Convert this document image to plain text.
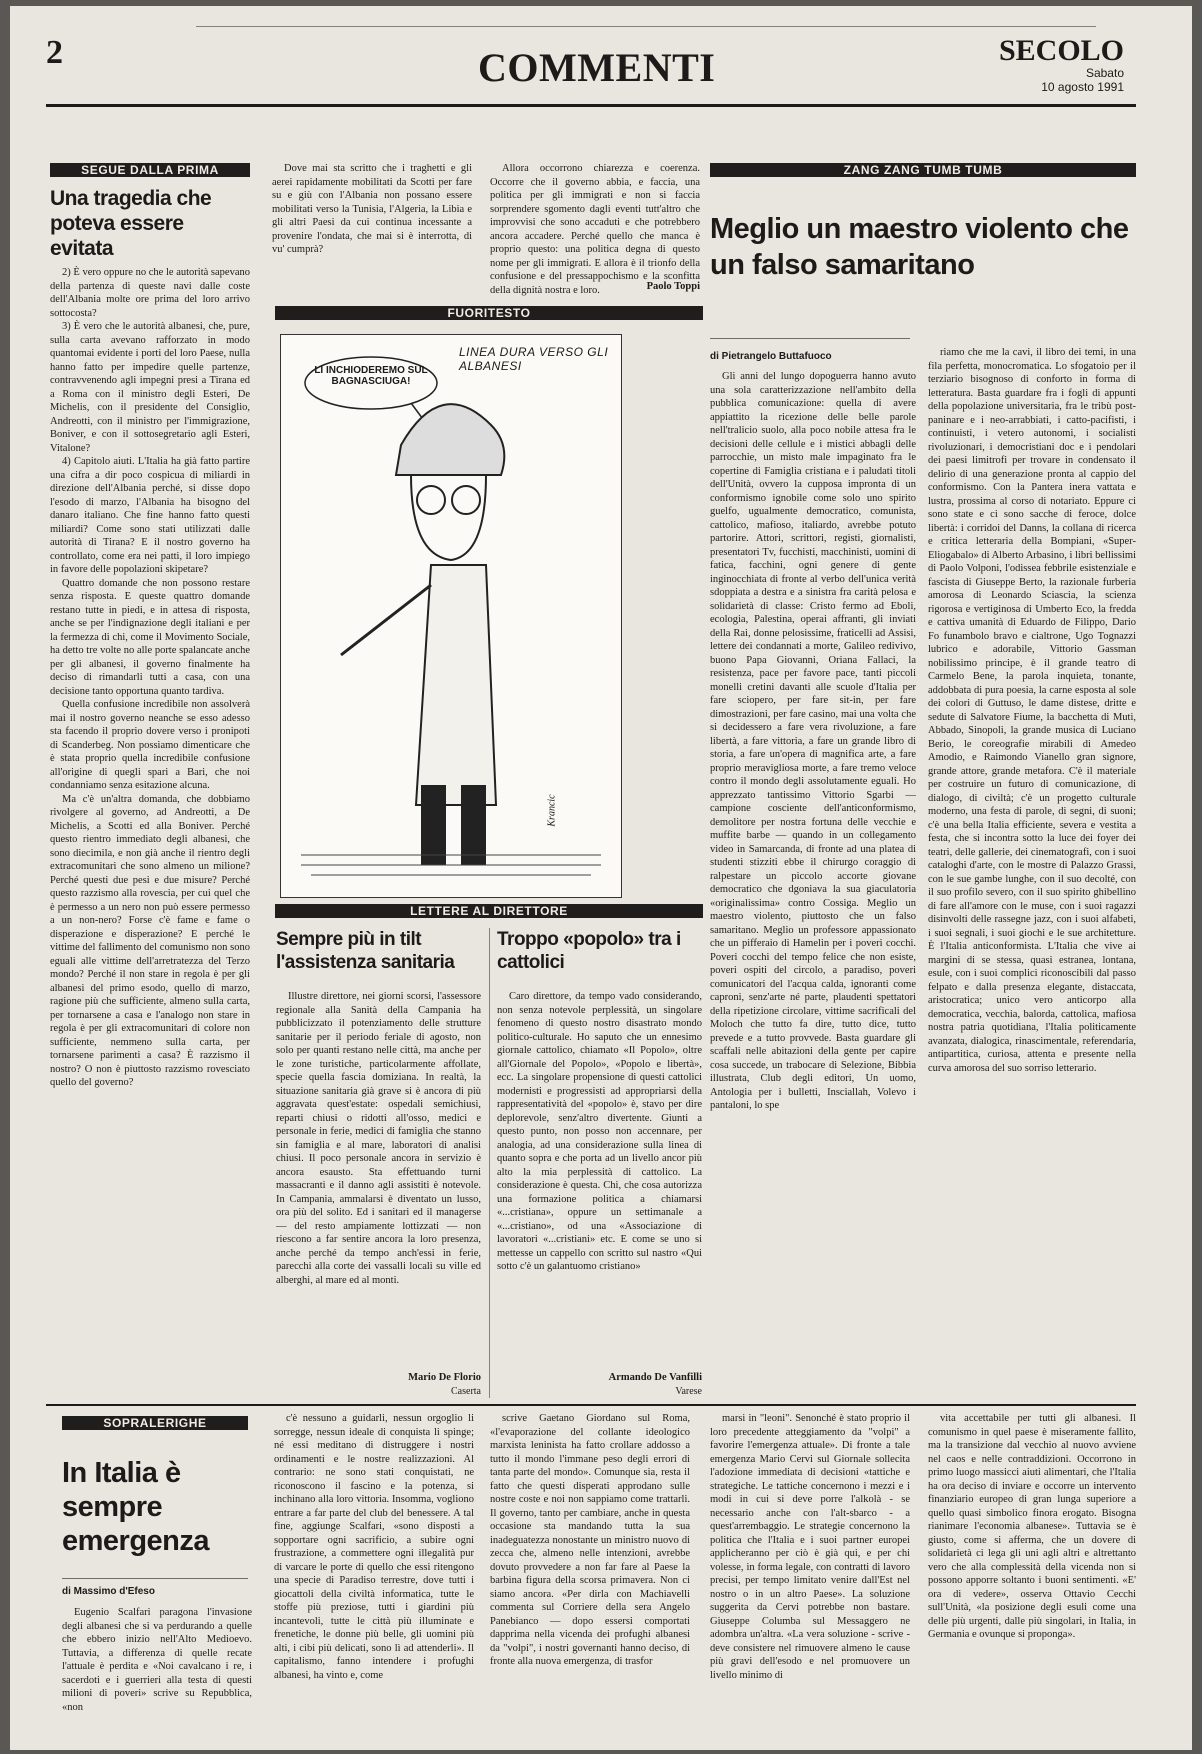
2	COMMENTI	SECOLO
Sabato
10 agosto 1991
SEGUE DALLA PRIMA
Una tragedia che poteva essere evitata

2) È vero oppure no che le autorità sapevano della partenza di queste navi dalle coste dell'Albania molte ore prima del loro arrivo sottocosta?

3) È vero che le autorità albanesi, che, pure, sulla carta avevano rafforzato in modo quantomai evidente i porti del loro Paese, nulla hanno fatto per impedire quelle partenze, contravvenendo agli impegni presi a Tirana ed a Roma con il ministro degli Esteri, De Michelis, con il presidente del Consiglio, Andreotti, con il ministro per l'immigrazione, Boniver, e con il sottosegretario agli Esteri, Vitalone?

4) Capitolo aiuti. L'Italia ha già fatto partire una cifra a dir poco cospicua di miliardi in direzione dell'Albania perché, si disse dopo l'esodo di marzo, l'Albania ha bisogno del danaro italiano. Che fine hanno fatto questi miliardi? Come sono stati utilizzati dalle autorità di Tirana? E il nostro governo ha controllato, come era nei patti, il loro impiego in favore delle popolazioni skipetare?

Quattro domande che non possono restare senza risposta. E queste quattro domande restano tutte in piedi, e in attesa di risposta, anche se per l'indignazione degli italiani e per la fermezza di chi, come il Movimento Sociale, ha detto tre volte no alle porte spalancate anche per gli albanesi, il governo finalmente ha deciso di rimandarli tutti a casa, con una decisione tanto opportuna quanto tardiva.

Quella confusione incredibile non assolverà mai il nostro governo neanche se esso adesso sta facendo il proprio dovere verso i pronipoti di Scanderbeg. Non possiamo dimenticare che è stata proprio quella incredibile confusione all'origine di quegli spari a Bari, che noi condanniamo senza esitazione alcuna.

Ma c'è un'altra domanda, che dobbiamo rivolgere al governo, ad Andreotti, a De Michelis, a Scotti ed alla Boniver. Perché questo rientro immediato degli albanesi, che sono diecimila, e non già anche il rientro degli extracomunitari che sono almeno un milione? Perché questi due pesi e due misure? Perché questo razzismo alla rovescia, per cui quel che è permesso a un nero non può essere permesso a un non-nero? Forse c'è fame e fame o disperazione e disperazione? E perché le vittime del fallimento del comunismo non sono eguali alle vittime dell'arretratezza del Terzo mondo? Perché il non stare in regola è per gli albanesi del primo esodo, quello di marzo, ragione più che sufficiente, almeno sulla carta, per tornarsene a casa e l'analogo non stare in regola è per gli extracomunitari di colore non sufficiente, nemmeno sulla carta, per tornarsene parimenti a casa? È razzismo il nostro? O non è piuttosto razzismo rovesciato quello del governo?

Dove mai sta scritto che i traghetti e gli aerei rapidamente mobilitati da Scotti per fare su e giù con l'Albania non possano essere mobilitati verso la Tunisia, l'Algeria, la Libia e gli altri Paesi da cui continua incessante a provenire l'ondata, che mai si è interrotta, di vu' cumprà?

Allora occorrono chiarezza e coerenza. Occorre che il governo abbia, e faccia, una politica per gli immigrati e non si faccia sorprendere sgomento dagli eventi tutt'altro che improvvisi che sono accaduti e che potrebbero ancora accadere. Perché quello che manca è proprio questo: una politica degna di questo nome per gli immigrati. E allora è il trionfo della confusione e del pressappochismo e la sconfitta della dignità nostra e loro.	Paolo Toppi
FUORITESTO
LINEA DURA VERSO GLI ALBANESI
LI INCHIODEREMO SUL BAGNASCIUGA!
Krancic
LETTERE AL DIRETTORE
Sempre più in tilt l'assistenza sanitaria

Illustre direttore, nei giorni scorsi, l'assessore regionale alla Sanità della Campania ha pubblicizzato il potenziamento delle strutture sanitarie per il periodo feriale di agosto, non solo per quanti restano nelle città, ma anche per le zone turistiche, particolarmente affollate, specie quella fascia domiziana. In realtà, la situazione sanitaria già grave si è ancora di più aggravata quest'estate: ospedali semichiusi, reparti chiusi o ridotti all'osso, medici e personale in ferie, medici di famiglia che stanno sin famiglia e al mare, laboratori di analisi chiusi. Il poco personale ancora in servizio è ancora esausto. Sta effettuando turni massacranti e il danno agli assistiti è notevole. In Campania, ammalarsi è diventato un lusso, ora più del solito. Ed i sanitari ed il managerse — del resto ampiamente lottizzati — non riescono a far sentire ancora la loro presenza, anche perché da tempo anch'essi in ferie, parecchi alla corte dei vassalli locali su ville ed alberghi, al mare ed al monti.

Mario De Florio
Caserta
Troppo «popolo» tra i cattolici

Caro direttore, da tempo vado considerando, non senza notevole perplessità, un singolare fenomeno di questo nostro disastrato mondo politico-culturale. Ho saputo che un ennesimo giornale cattolico, chiamato «Il Popolo», oltre all'Giornale del Popolo», «Popolo e libertà», ecc. La singolare propensione di questi cattolici modernisti e progressisti ad appropriarsi della rappresentatività del «popolo» è, stavo per dire deplorevole, senz'altro divertente. Giunti a questo punto, non posso non accennare, per analogia, ad una considerazione sulla linea di quanto sopra e che porta ad un livello ancor più alto la mia perplessità di cattolico. La considerazione è questa. Chi, che cosa autorizza una formazione politica a chiamarsi «...cristiana», oppure un settimanale a «...cristiano», od una «Associazione di lavoratori «...cristiani» etc. E come se uno si mettesse un cappello con scritto sul nastro «Qui sotto c'è un galantuomo cristiano»

Armando De Vanfilli
Varese
ZANG ZANG TUMB TUMB
Meglio un maestro violento che un falso samaritano
di Pietrangelo Buttafuoco

Gli anni del lungo dopoguerra hanno avuto una sola caratterizzazione nell'ambito della pubblica comunicazione: quella di avere appiattito la ricezione delle belle parole nell'tralicio suolo, alla poco nobile attesa fra le decisioni delle cellule e i mistici abbagli delle parrocchie, un misto male impaginato fra le copertine di Famiglia cristiana e i paludati titoli dell'Unità, ovvero la cupposa impronta di un conformismo ignobile come solo uno spirito guelfo, ugualmente democratico, comunista, cattolico, mafioso, italiardo, avrebbe potuto partorire. Attori, scrittori, registi, giornalisti, presentatori Tv, fucchisti, macchinisti, uomini di fatica, facchini, ogni genere di gente inginocchiata di fronte al verbo dell'unica verità sdoppiata a destra e a sinistra fra carità pelosa e solidarietà di classe: Cristo fermo ad Eboli, ecologia, Palestina, operai affranti, gli inviati della Rai, donne pelosissime, fraticelli ad Assisi, lettere dei condannati a morte, Galileo redivivo, buono Papa Giovanni, Oriana Fallaci, la resistenza, pace per favore pace, tanti piccoli monelli cretini davanti alle scuole d'Italia per fare sciopero, per fare sit-in, per fare dimostrazioni, per fare casino, mai una volta che si decidessero a fare vera rivoluzione, a fare libertà, a fare vittoria, a fare un grande libro di storia, a fare un'opera di magnifica arte, a fare proprio meravigliosa morte, a fare tremo veloce contro il mondo degli assolutamente eguali. Ho apprezzato tantissimo Vittorio Sgarbi — campione cosciente dell'anticonformismo, demolitore per nostra fortuna delle vecchie e muffite barbe — quando in un collegamento video in Samarcanda, di fronte ad una platea di studenti stizziti ebbe il chirurgo coraggio di ralpestare un piccolo accorte giovane democratico che dgoniava la sua giaculatoria «originalissima» contro Cossiga. Meglio un maestro violento, piuttosto che un falso samaritano. Meglio un professore appassionato che un pifferaio di Hamelin per i poveri cocchi. Poveri cocchi del tempo felice che non esiste, poveri ospiti del circolo, a paradiso, poveri comunicatori del l'acqua calda, ignoranti come caproni, senz'arte né parte, plaudenti spettatori della ripetizione circolare, vittime sacrificali del Moloch che tutto fa dire, tutto dice, tutto prevede e a tutto provvede. Basta guardare gli scaffali nelle abitazioni della gente per capire cosa succede, un trabocare di Selezione, Bibbia illustrata, Club degli editori, Un uomo, Antologia per i bulletti, Insciallah, Volevo i pantaloni, lo spe

riamo che me la cavi, il libro dei temi, in una fila perfetta, monocromatica. Lo sfogatoio per il terziario bisognoso di conforto in forma di letteratura. Basta guardare fra i fogli di appunti della popolazione universitaria, fra le tribù post-paninare e i neo-arrabbiati, i catto-pacifisti, i continuisti, i vetero autonomi, i socialisti rivoluzionari, i democristiani doc e i pendolari dei paesi limitrofi per trovare in condensato il delirio di una generazione pronta al cappio del conformismo. Con la Pantera inera vattata e lustra, prossima al corso di notariato. Eppure ci sono state e ci sono sacche di feroce, dolce libertà: i corridoi del Danns, la collana di ricerca e critica letteraria della Bompiani, «Super-Eliogabalo» di Alberto Arbasino, i libri bellissimi di Paolo Volponi, l'odissea febbrile esistenziale e fascista di Giuseppe Berto, la razionale furberia amorosa di Leonardo Sciascia, la scienza rigorosa e vertiginosa di Umberto Eco, la fredda e cattiva umanità di Eduardo de Filippo, Dario Fo funambolo bravo e cialtrone, Ugo Tognazzi lubrico e adorabile, Vittorio Gassman nobilissimo principe, è il grande teatro di Carmelo Bene, la parola inquieta, tonante, addobbata di pura poesia, la carne esposta al sole dei colori di Guttuso, le dame distese, dritte e sedute di Salvatore Fiume, la bacchetta di Muti, Abbado, Sinopoli, la grande musica di Luciano Berio, le coreografie mirabili di Amedeo Amodio, e Raimondo Vianello gran signore, grande attore, grande metafora. C'è il materiale per costruire un futuro di comunicazione, di dialogo, di civiltà; c'è un progetto culturale moderno, una festa di parole, di segni, di suoni; c'è una bella Italia efficiente, severa e vestita a festa, che si incontra sotto la luce dei foyer dei teatri, delle gallerie, dei cinematografi, con i suoi cataloghi d'arte, con le mostre di Palazzo Grassi, con le sue gambe lunghe, con il suo decolté, con il suo profilo severo, con il suo spirito ghibellino di fare all'amore con le muse, con i suoi ragazzi disinvolti delle rassegne jazz, con i suoi alfabeti, i suoi segnali, i suoi giochi e le sue architetture. È l'Italia anticonformista. L'Italia che vive ai margini di se stessa, quasi estranea, lontana, esule, con i suoi complici riconoscibili dal passo felpato e dalla presenza elegante, distaccata, aristocratica; unico vero anticorpo alla democratica, vecchia, balorda, cattolica, mafiosa nostra patria quotidiana, l'Italia politicamente avanzata, dialogica, rinascimentale, referendaria, antipartitica, curiosa, attenta e presente nella curva amorosa del suo sorriso letterario.

SOPRALERIGHE
In Italia è sempre emergenza
di Massimo d'Efeso

Eugenio Scalfari paragona l'invasione degli albanesi che si va perdurando a quelle che ebbero inizio nell'Alto Medioevo. Tuttavia, a differenza di quelle recate l'attuale è perdita e «Noi cavalcano i re, i sacerdoti e i guerrieri alla testa di questi milioni di poveri» scrive su Repubblica, «non

c'è nessuno a guidarli, nessun orgoglio li sorregge, nessun ideale di conquista li spinge; né essi meditano di distruggere i nostri ordinamenti e le nostre realizzazioni. Al contrario: ne sono stati conquistati, ne riconoscono il fascino e la potenza, si inchinano alla loro vittoria. Insomma, vogliono entrare a far parte del club del benessere. A tal fine, aggiunge Scalfari, «sono disposti a sopportare ogni sacrificio, a subire ogni frustrazione, a commettere ogni illegalità pur di varcare le porte di quello che essi ritengono una specie di Paradiso terrestre, dove tutti i giocattoli della civiltà informatica, tutte le stoffe più preziose, tutti i giardini più incantevoli, tutte le città più illuminate e frenetiche, le donne più belle, gli uomini più alti, i cibi più delicati, sono lì ad attenderli». Il capitalismo, fanno intendere i profughi albanesi, ha vinto e, come

scrive Gaetano Giordano sul Roma, «l'evaporazione del collante ideologico marxista leninista ha fatto crollare addosso a tutto il mondo l'immane peso degli errori di tanta parte del mondo». Comunque sia, resta il fatto che questi disperati approdano sulle nostre coste e noi non sappiamo come trattarli. Il governo, tanto per cambiare, anche in questa occasione sta mandando tutta la sua inadeguatezza nonostante un ministro nuovo di zecca che, almeno nelle intenzioni, avrebbe dovuto provvedere a non far fare al Paese la barbina figura della scorsa primavera. Non ci siamo ancora. «Per dirla con Machiavelli commenta sul Corriere della sera Angelo Panebianco — dopo essersi comportati dapprima nella vicenda dei profughi albanesi da "volpi", i nostri governanti hanno deciso, di fronte alla nuova emergenza, di trasfor

marsi in "leoni". Senonché è stato proprio il loro precedente atteggiamento da "volpi" a favorire l'emergenza attuale». Di fronte a tale emergenza Mario Cervi sul Giornale sollecita l'adozione immediata di decisioni «tattiche e strategiche. Le tattiche concernono i mezzi e i modi in cui si deve porre l'alkolà - se necessario anche con l'alt-sbarco - a quest'arrembaggio. Le strategie concernono la politica che l'Italia e i suoi partner europei applicheranno per ciò è già qui, e per chi volesse, in forma legale, con contratti di lavoro precisi, per tempo limitato venire dall'Est nel nostro o in un altro Paese». La soluzione suggerita da Cervi potrebbe non bastare. Giuseppe Columba sul Messaggero ne adombra un'altra. «La vera soluzione - scrive - deve consistere nel rimuovere almeno le cause più gravi dell'esodo e nel promuovere un livello minimo di

vita accettabile per tutti gli albanesi. Il comunismo in quel paese è miseramente fallito, ma la transizione dal vecchio al nuovo avviene nel caos e nelle contraddizioni. Occorrono in primo luogo massicci aiuti alimentari, che l'Italia ha ora deciso di inviare e occorre un intervento finanziario europeo di gran lunga superiore a quello quasi simbolico finora erogato. Bisogna rianimare l'economia albanese». Tuttavia se è giusto, come si afferma, che un dovere di solidarietà ci lega gli uni agli altri e altrettanto vero che alla complessità della vicenda non si possono apporre soltanto i buoni sentimenti. «E' ora di vedere», osserva Ottavio Cecchi sull'Unità, «la posizione degli esuli come una delle più urgenti, dalle più singolari, in Italia, in Germania e ovunque si proponga».
